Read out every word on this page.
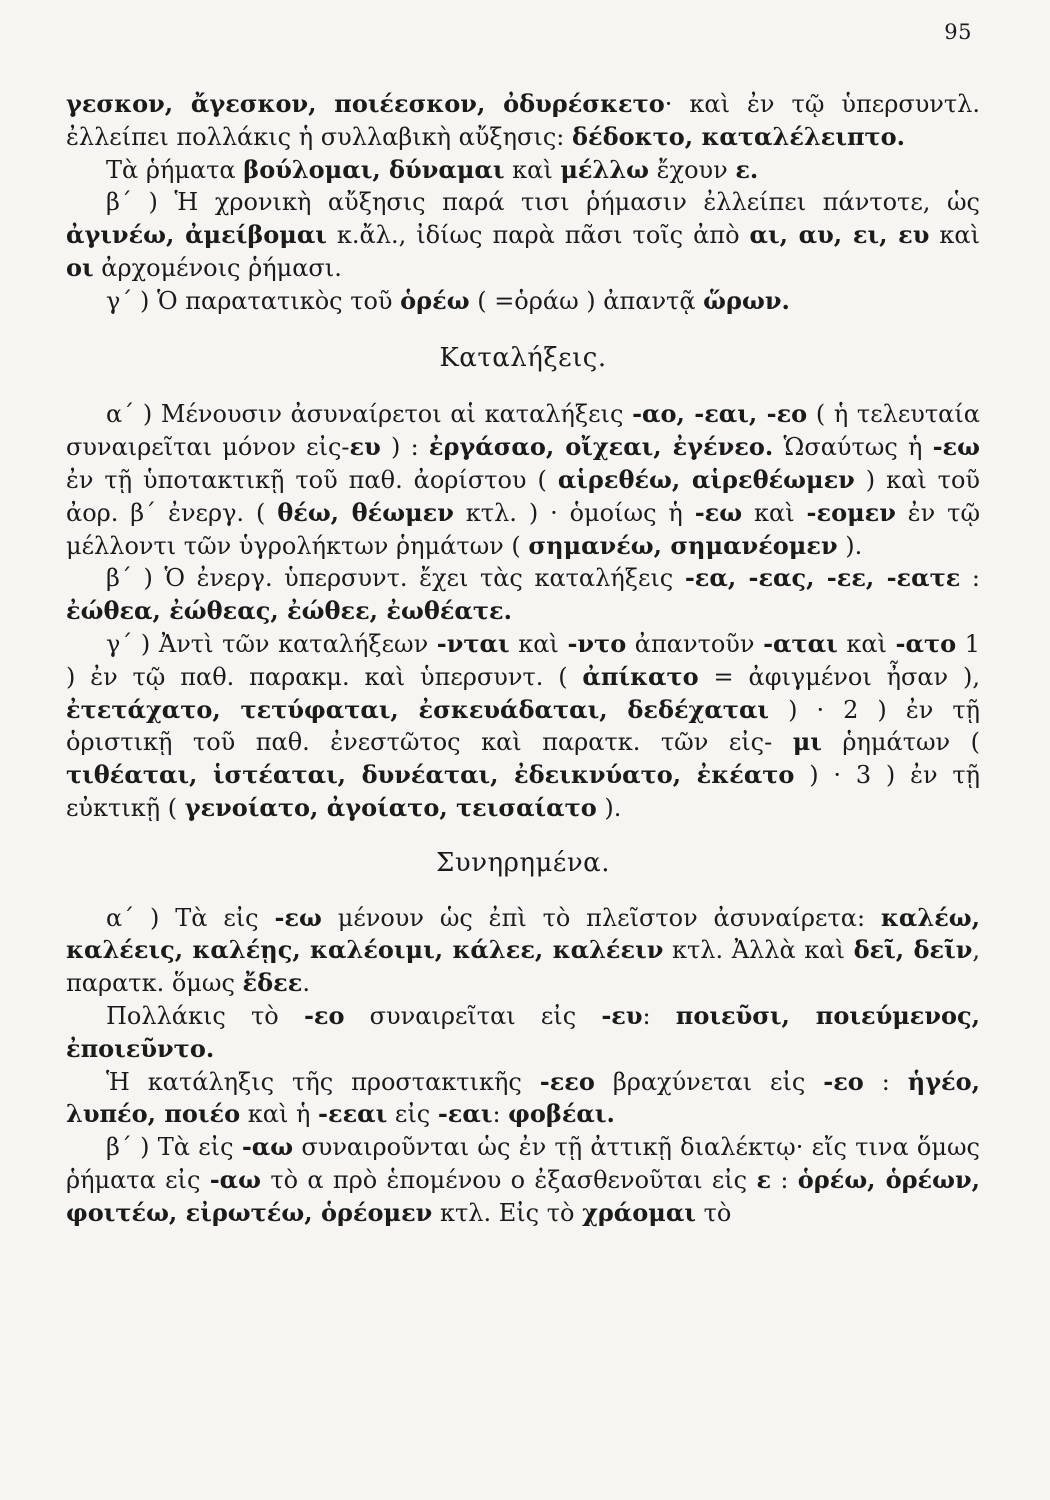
95

γεσκον, ἄγεσκον, ποιέεσκον, ὀδυρέσκετο· καὶ ἐν τῷ ὑπερσυντλ. ἐλλείπει πολλάκις ἡ συλλαβικὴ αὔξησις: δέδοκτο, καταλέλειπτο.

Τὰ ῥήματα βούλομαι, δύναμαι καὶ μέλλω ἔχουν ε.

β΄ ) Ἡ χρονικὴ αὔξησις παρά τισι ῥήμασιν ἐλλείπει πάντοτε, ὡς ἀγινέω, ἀμείβομαι κ.ἄλ., ἰδίως παρὰ πᾶσι τοῖς ἀπὸ αι, αυ, ει, ευ καὶ οι ἀρχομένοις ῥήμασι.

γ΄ ) Ὁ παρατατικὸς τοῦ ὁρέω ( =ὁράω ) ἀπαντᾷ ὥρων.

Καταλήξεις.

α΄ ) Μένουσιν ἀσυναίρετοι αἱ καταλήξεις -αο, -εαι, -εο ( ἡ τελευταία συναιρεῖται μόνον εἰς-ευ ) : ἐργάσαο, οἴχεαι, ἐγένεο. Ὡσαύτως ἡ -εω ἐν τῇ ὑποτακτικῇ τοῦ παθ. ἀορίστου ( αἱρεθέω, αἱρεθέωμεν ) καὶ τοῦ ἀορ. β΄ ἐνεργ. ( θέω, θέωμεν κτλ. ) · ὁμοίως ἡ -εω καὶ -εομεν ἐν τῷ μέλλοντι τῶν ὑγρολήκτων ῥημάτων ( σημανέω, σημανέομεν ).

β΄ ) Ὁ ἐνεργ. ὑπερσυντ. ἔχει τὰς καταλήξεις -εα, -εας, -εε, -εατε : ἐώθεα, ἐώθεας, ἐώθεε, ἐωθέατε.

γ΄ ) Ἀντὶ τῶν καταλήξεων -νται καὶ -ντο ἀπαντοῦν -αται καὶ -ατο 1 ) ἐν τῷ παθ. παρακμ. καὶ ὑπερσυντ. ( ἀπίκατο = ἀφιγμένοι ἦσαν ), ἐτετάχατο, τετύφαται, ἐσκευάδαται, δεδέχαται ) · 2 ) ἐν τῇ ὁριστικῇ τοῦ παθ. ἐνεστῶτος καὶ παρατκ. τῶν εἰς- μι ῥημάτων ( τιθέαται, ἱστέαται, δυνέαται, ἐδεικνύατο, ἐκέατο ) · 3 ) ἐν τῇ εὐκτικῇ ( γενοίατο, ἀγοίατο, τεισαίατο ).

Συνηρημένα.

α΄ ) Τὰ εἰς -εω μένουν ὡς ἐπὶ τὸ πλεῖστον ἀσυναίρετα: καλέω, καλέεις, καλέῃς, καλέοιμι, κάλεε, καλέειν κτλ. Ἀλλὰ καὶ δεῖ, δεῖν, παρατκ. ὅμως ἔδεε.

Πολλάκις τὸ -εο συναιρεῖται εἰς -ευ: ποιεῦσι, ποιεύμενος, ἐποιεῦντο.

Ἡ κατάληξις τῆς προστακτικῆς -εεο βραχύνεται εἰς -εο : ἡγέο, λυπέο, ποιέο καὶ ἡ -εεαι εἰς -εαι: φοβέαι.

β΄ ) Τὰ εἰς -αω συναιροῦνται ὡς ἐν τῇ ἀττικῇ διαλέκτῳ· εἴς τινα ὅμως ῥήματα εἰς -αω τὸ α πρὸ ἑπομένου ο ἐξασθενοῦται εἰς ε : ὁρέω, ὁρέων, φοιτέω, εἰρωτέω, ὁρέομεν κτλ. Εἰς τὸ χράομαι τὸ
